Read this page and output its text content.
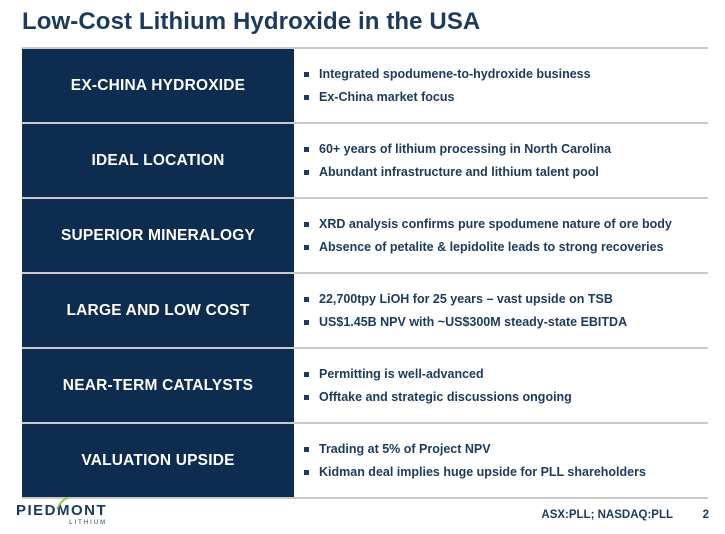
Low-Cost Lithium Hydroxide in the USA
EX-CHINA HYDROXIDE
Integrated spodumene-to-hydroxide business
Ex-China market focus
IDEAL LOCATION
60+ years of lithium processing in North Carolina
Abundant infrastructure and lithium talent pool
SUPERIOR MINERALOGY
XRD analysis confirms pure spodumene nature of ore body
Absence of petalite & lepidolite leads to strong recoveries
LARGE AND LOW COST
22,700tpy LiOH for 25 years – vast upside on TSB
US$1.45B NPV with ~US$300M steady-state EBITDA
NEAR-TERM CATALYSTS
Permitting is well-advanced
Offtake and strategic discussions ongoing
VALUATION UPSIDE
Trading at 5% of Project NPV
Kidman deal implies huge upside for PLL shareholders
PIEDMONT
LITHIUM
ASX:PLL; NASDAQ:PLL	2
